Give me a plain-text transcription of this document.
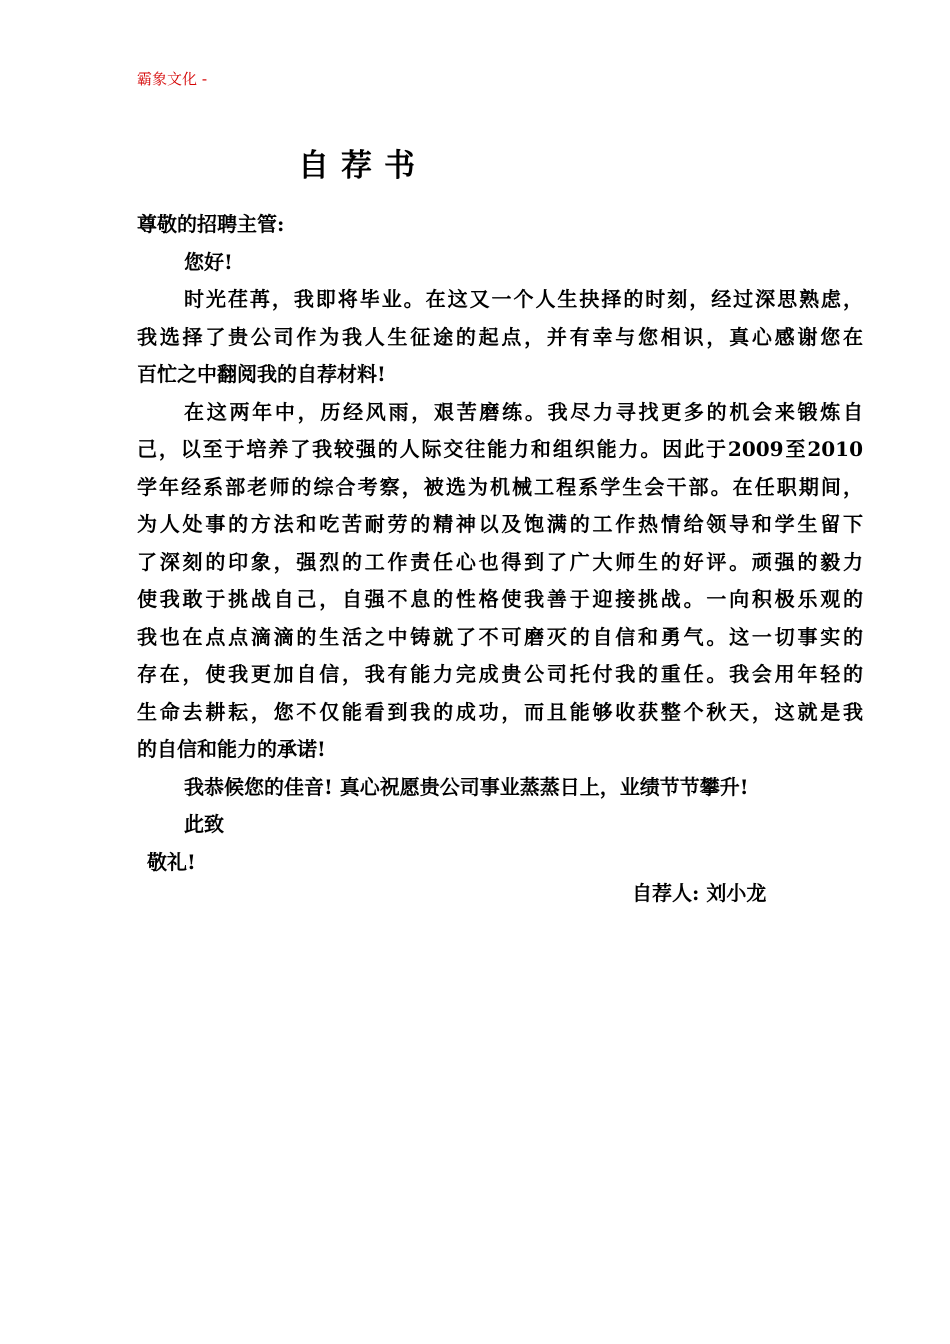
霸象文化 -
自荐书
尊敬的招聘主管:
您好!
时光荏苒，我即将毕业。在这又一个人生抉择的时刻，经过深思熟虑，
我选择了贵公司作为我人生征途的起点，并有幸与您相识，真心感谢您在
百忙之中翻阅我的自荐材料!
在这两年中，历经风雨，艰苦磨练。我尽力寻找更多的机会来锻炼自
己，以至于培养了我较强的人际交往能力和组织能力。因此于2009至2010
学年经系部老师的综合考察，被选为机械工程系学生会干部。在任职期间，
为人处事的方法和吃苦耐劳的精神以及饱满的工作热情给领导和学生留下
了深刻的印象，强烈的工作责任心也得到了广大师生的好评。顽强的毅力
使我敢于挑战自己，自强不息的性格使我善于迎接挑战。一向积极乐观的
我也在点点滴滴的生活之中铸就了不可磨灭的自信和勇气。这一切事实的
存在，使我更加自信，我有能力完成贵公司托付我的重任。我会用年轻的
生命去耕耘，您不仅能看到我的成功，而且能够收获整个秋天，这就是我
的自信和能力的承诺!
我恭候您的佳音! 真心祝愿贵公司事业蒸蒸日上，业绩节节攀升!
此致
敬礼!
自荐人: 刘小龙
